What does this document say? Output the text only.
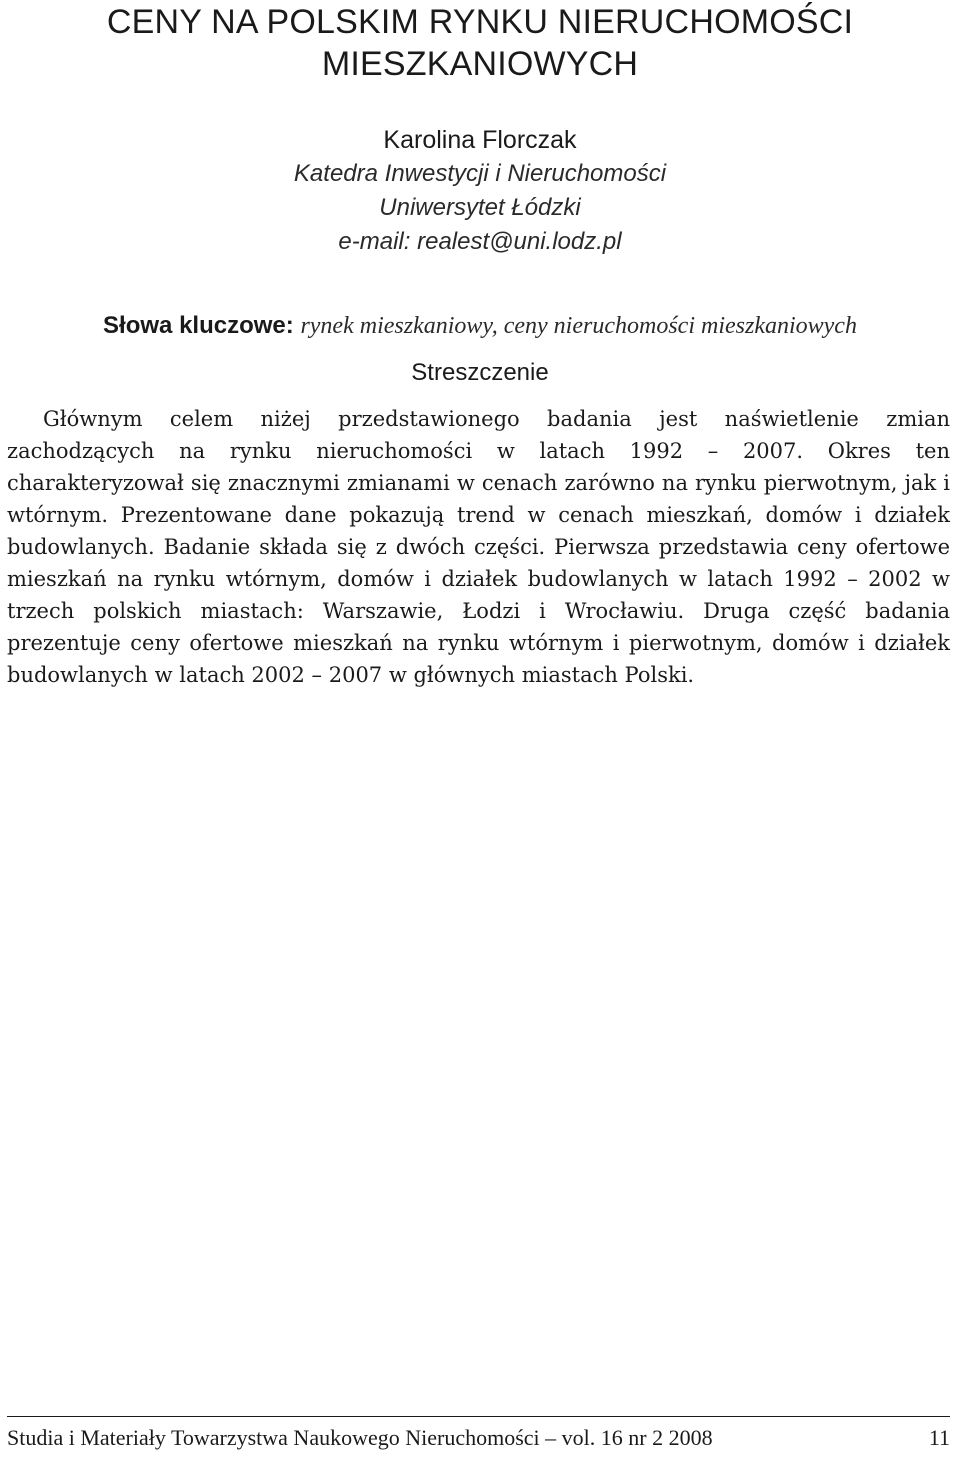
CENY NA POLSKIM RYNKU NIERUCHOMOŚCI
MIESZKANIOWYCH
Karolina Florczak
Katedra Inwestycji i Nieruchomości
Uniwersytet Łódzki
e-mail: realest@uni.lodz.pl
Słowa kluczowe: rynek mieszkaniowy, ceny nieruchomości mieszkaniowych
Streszczenie

Głównym celem niżej przedstawionego badania jest naświetlenie zmian zachodzących na rynku nieruchomości w latach 1992 – 2007. Okres ten charakteryzował się znacznymi zmianami w cenach zarówno na rynku pierwotnym, jak i wtórnym. Prezentowane dane pokazują trend w cenach mieszkań, domów i działek budowlanych. Badanie składa się z dwóch części. Pierwsza przedstawia ceny ofertowe mieszkań na rynku wtórnym, domów i działek budowlanych w latach 1992 – 2002 w trzech polskich miastach: Warszawie, Łodzi i Wrocławiu. Druga część badania prezentuje ceny ofertowe mieszkań na rynku wtórnym i pierwotnym, domów i działek budowlanych w latach 2002 – 2007 w głównych miastach Polski.

Studia i Materiały Towarzystwa Naukowego Nieruchomości – vol. 16 nr 2 2008	11
